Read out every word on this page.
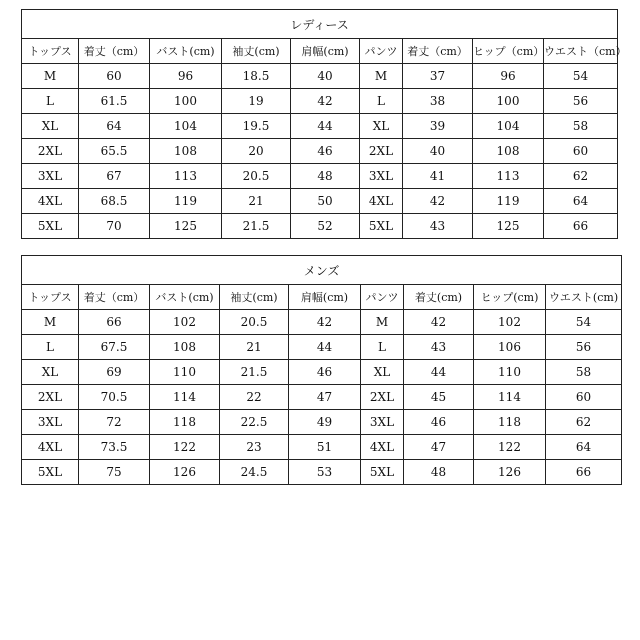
レディース								
トップス	着丈（cm）	バスト(cm)	袖丈(cm)	肩幅(cm)	パンツ	着丈（cm）	ヒップ（cm）	ウエスト（cm）
M	60	96	18.5	40	M	37	96	54
L	61.5	100	19	42	L	38	100	56
XL	64	104	19.5	44	XL	39	104	58
2XL	65.5	108	20	46	2XL	40	108	60
3XL	67	113	20.5	48	3XL	41	113	62
4XL	68.5	119	21	50	4XL	42	119	64
5XL	70	125	21.5	52	5XL	43	125	66
メンズ								
トップス	着丈（cm）	バスト(cm)	袖丈(cm)	肩幅(cm)	パンツ	着丈(cm)	ヒップ(cm)	ウエスト(cm)
M	66	102	20.5	42	M	42	102	54
L	67.5	108	21	44	L	43	106	56
XL	69	110	21.5	46	XL	44	110	58
2XL	70.5	114	22	47	2XL	45	114	60
3XL	72	118	22.5	49	3XL	46	118	62
4XL	73.5	122	23	51	4XL	47	122	64
5XL	75	126	24.5	53	5XL	48	126	66
